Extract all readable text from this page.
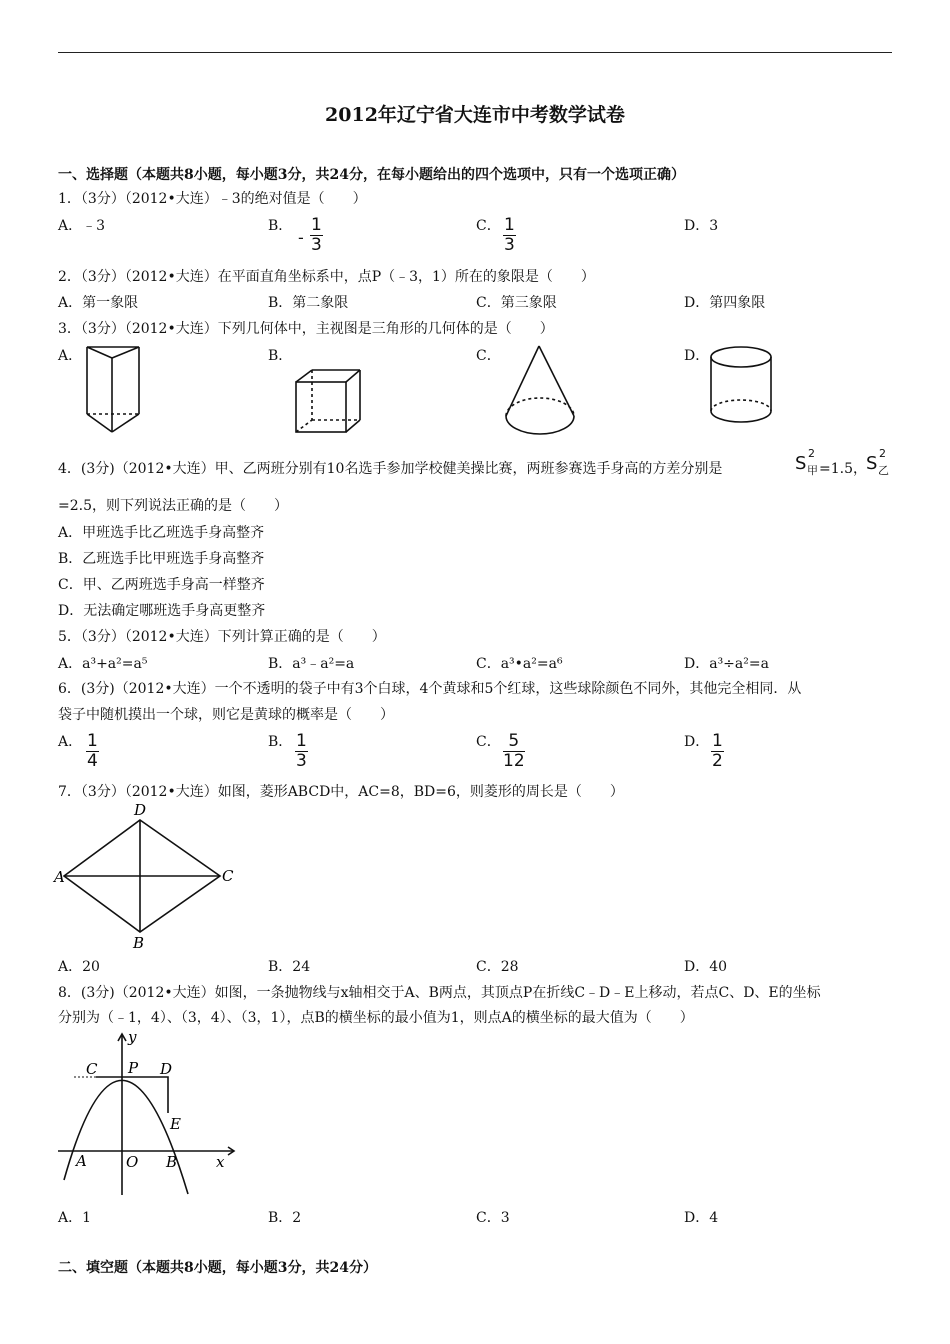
2012年辽宁省大连市中考数学试卷
一、选择题（本题共8小题，每小题3分，共24分，在每小题给出的四个选项中，只有一个选项正确）
1．（3分）（2012•大连）﹣3的绝对值是（　　）
A．﹣3	B．
- $\frac{1}{3}$	C． $\frac{1}{3}$	D．3
2．（3分）（2012•大连）在平面直角坐标系中，点P（﹣3，1）所在的象限是（　　）
A．第一象限	B．第二象限	C．第三象限	D．第四象限
3．（3分）（2012•大连）下列几何体中，主视图是三角形的几何体的是（　　）
A．	B．	C．	D．
4．(3分)（2012•大连）甲、乙两班分别有10名选手参加学校健美操比赛，两班参赛选手身高的方差分别是	S 2
甲 =1.5， S 2
乙
=2.5，则下列说法正确的是（　　）
A．甲班选手比乙班选手身高整齐
B．乙班选手比甲班选手身高整齐
C．甲、乙两班选手身高一样整齐
D．无法确定哪班选手身高更整齐
5．（3分）（2012•大连）下列计算正确的是（　　）
A．a³+a²=a⁵	B．a³﹣a²=a	C．a³•a²=a⁶	D．a³÷a²=a
6．(3分)（2012•大连）一个不透明的袋子中有3个白球，4个黄球和5个红球，这些球除颜色不同外，其他完全相同．从
袋子中随机摸出一个球，则它是黄球的概率是（　　）
A． $\frac{1}{4}$	B． $\frac{1}{3}$	C． $\frac{5}{12}$	D． $\frac{1}{2}$
7．（3分）（2012•大连）如图，菱形ABCD中，AC=8，BD=6，则菱形的周长是（　　）
D
C
A
B
A．20	B．24	C．28	D．40
8．(3分)（2012•大连）如图，一条抛物线与x轴相交于A、B两点，其顶点P在折线C﹣D﹣E上移动，若点C、D、E的坐标
分别为（﹣1，4）、（3，4）、（3，1），点B的横坐标的最小值为1，则点A的横坐标的最大值为（　　）
y
C P D
E
A	O B	x
A．1	B．2	C．3	D．4
二、填空题（本题共8小题，每小题3分，共24分）
